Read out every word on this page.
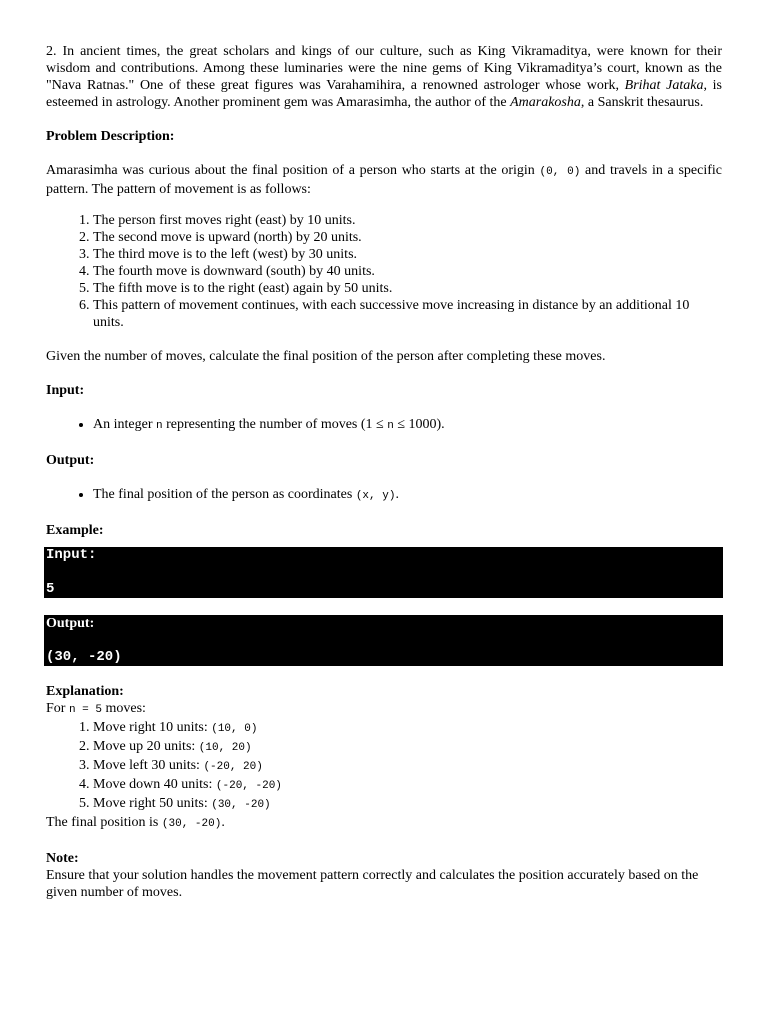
2. In ancient times, the great scholars and kings of our culture, such as King Vikramaditya, were known for their wisdom and contributions. Among these luminaries were the nine gems of King Vikramaditya’s court, known as the "Nava Ratnas." One of these great figures was Varahamihira, a renowned astrologer whose work, Brihat Jataka, is esteemed in astrology. Another prominent gem was Amarasimha, the author of the Amarakosha, a Sanskrit thesaurus.

Problem Description:

Amarasimha was curious about the final position of a person who starts at the origin (0, 0) and travels in a specific pattern. The pattern of movement is as follows:

1. The person first moves right (east) by 10 units.
2. The second move is upward (north) by 20 units.
3. The third move is to the left (west) by 30 units.
4. The fourth move is downward (south) by 40 units.
5. The fifth move is to the right (east) again by 50 units.
6. This pattern of movement continues, with each successive move increasing in distance by an additional 10 units.

Given the number of moves, calculate the final position of the person after completing these moves.

Input:

• An integer n representing the number of moves (1 ≤ n ≤ 1000).

Output:

• The final position of the person as coordinates (x, y).

Example:

Input:
5
Output:
(30, -20)

Explanation:

For n = 5 moves:

1. Move right 10 units: (10, 0)
2. Move up 20 units: (10, 20)
3. Move left 30 units: (-20, 20)
4. Move down 40 units: (-20, -20)
5. Move right 50 units: (30, -20)

The final position is (30, -20).

Note:

Ensure that your solution handles the movement pattern correctly and calculates the position accurately based on the given number of moves.
